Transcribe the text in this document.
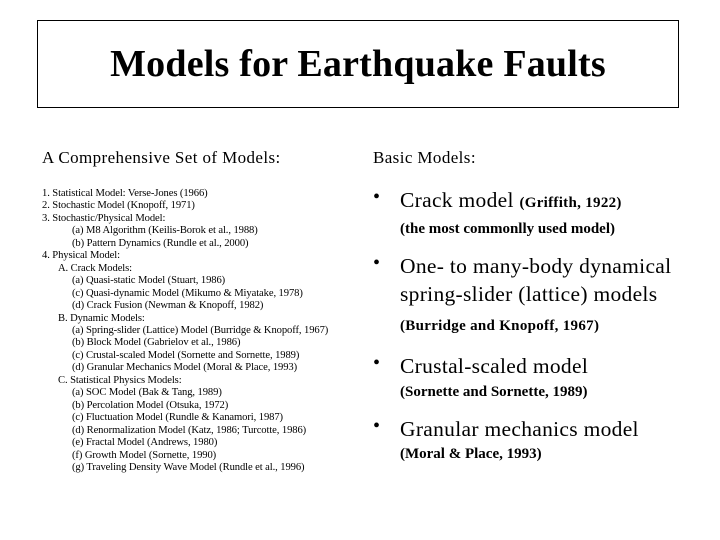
Models for Earthquake Faults
A Comprehensive Set of Models:
1. Statistical Model: Verse-Jones (1966)
2. Stochastic Model (Knopoff, 1971)
3. Stochastic/Physical Model:
(a) M8 Algorithm (Keilis-Borok et al., 1988)
(b) Pattern Dynamics (Rundle et al., 2000)
4. Physical Model:
A. Crack Models:
(a) Quasi-static Model (Stuart, 1986)
(c) Quasi-dynamic Model (Mikumo & Miyatake, 1978)
(d) Crack Fusion (Newman & Knopoff, 1982)
B. Dynamic Models:
(a) Spring-slider (Lattice) Model (Burridge & Knopoff, 1967)
(b) Block Model (Gabrielov et al., 1986)
(c) Crustal-scaled Model (Sornette and Sornette, 1989)
(d) Granular Mechanics Model (Moral & Place, 1993)
C. Statistical Physics Models:
(a) SOC Model (Bak & Tang, 1989)
(b) Percolation Model (Otsuka, 1972)
(c) Fluctuation Model (Rundle & Kanamori, 1987)
(d) Renormalization Model (Katz, 1986; Turcotte, 1986)
(e) Fractal Model (Andrews, 1980)
(f) Growth Model (Sornette, 1990)
(g) Traveling Density Wave Model (Rundle et al., 1996)
Basic Models:
• Crack model (Griffith, 1922)
(the most commonlly used model)
• One- to many-body dynamical spring-slider (lattice) models (Burridge and Knopoff, 1967)
• Crustal-scaled model
(Sornette and Sornette, 1989)
• Granular mechanics model
(Moral & Place, 1993)
